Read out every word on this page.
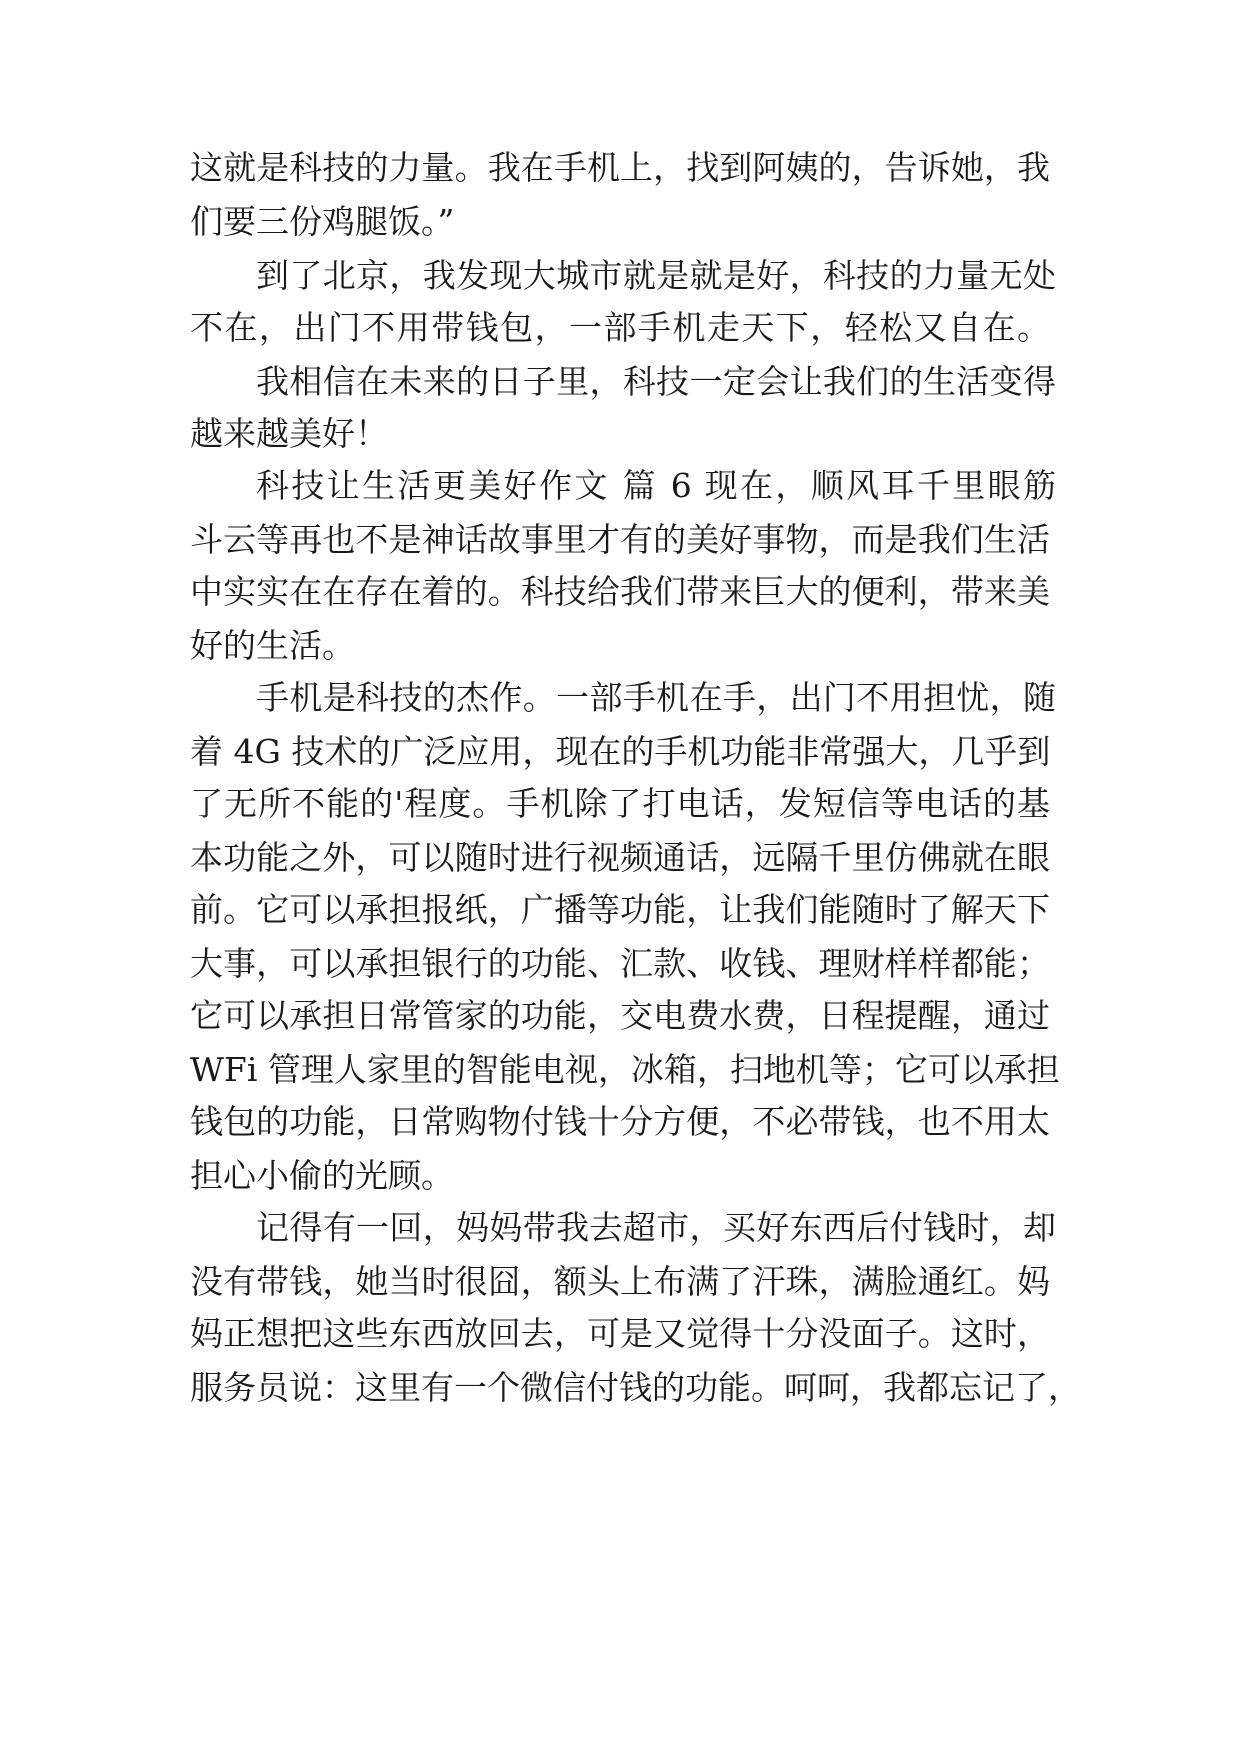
这就是科技的力量。我在手机上，找到阿姨的，告诉她，我
们要三份鸡腿饭。”
到了北京，我发现大城市就是就是好，科技的力量无处
不在，出门不用带钱包，一部手机走天下，轻松又自在。
我相信在未来的日子里，科技一定会让我们的生活变得
越来越美好！
科技让生活更美好作文 篇 6 现在，顺风耳千里眼筋
斗云等再也不是神话故事里才有的美好事物，而是我们生活
中实实在在存在着的。科技给我们带来巨大的便利，带来美
好的生活。
手机是科技的杰作。一部手机在手，出门不用担忧，随
着 4G 技术的广泛应用，现在的手机功能非常强大，几乎到
了无所不能的'程度。手机除了打电话，发短信等电话的基
本功能之外，可以随时进行视频通话，远隔千里仿佛就在眼
前。它可以承担报纸，广播等功能，让我们能随时了解天下
大事，可以承担银行的功能、汇款、收钱、理财样样都能；
它可以承担日常管家的功能，交电费水费，日程提醒，通过
WFi 管理人家里的智能电视，冰箱，扫地机等；它可以承担
钱包的功能，日常购物付钱十分方便，不必带钱，也不用太
担心小偷的光顾。
记得有一回，妈妈带我去超市，买好东西后付钱时，却
没有带钱，她当时很囧，额头上布满了汗珠，满脸通红。妈
妈正想把这些东西放回去，可是又觉得十分没面子。这时，
服务员说：这里有一个微信付钱的功能。呵呵，我都忘记了，
